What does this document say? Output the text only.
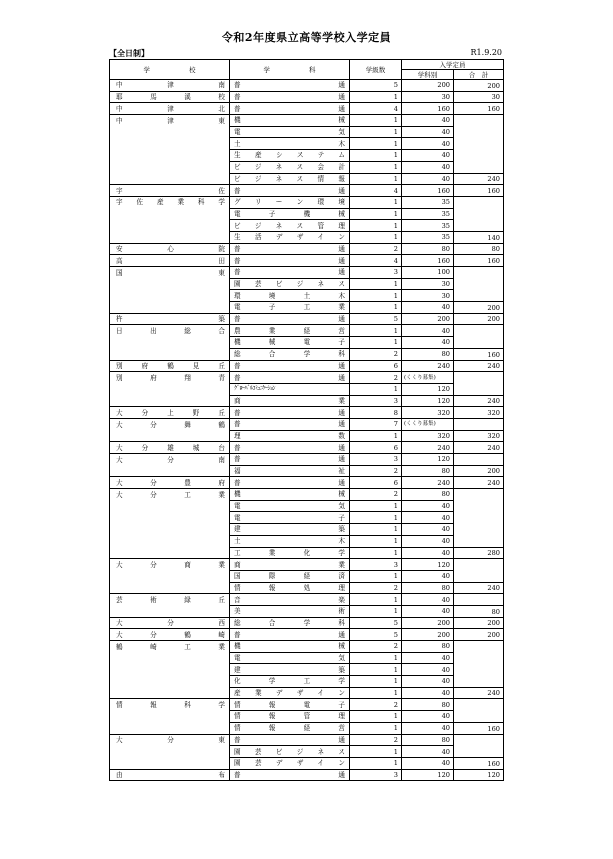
令和2年度県立高等学校入学定員
【全日制】	R1.9.20
学　　　　　　校	学　　　　　　科	学級数	入学定員	
			学科別	合　計
中津南	普通	5	200	200
耶馬溪校	普通	1	30	30
中津北	普通	4	160	160
中津東	機械	1	40	
	電気	1	40	
	土木	1	40	
	生産システム	1	40	
	ビジネス会計	1	40	
	ビジネス情報	1	40	240
宇佐	普通	4	160	160
宇佐産業科学	グリーン環境	1	35	
	電子機械	1	35	
	ビジネス管理	1	35	
	生活デザイン	1	35	140
安心院	普通	2	80	80
高田	普通	4	160	160
国東	普通	3	100	
	園芸ビジネス	1	30	
	環境土木	1	30	
	電子工業	1	40	200
杵築	普通	5	200	200
日出総合	農業経営	1	40	
	機械電子	1	40	
	総合学科	2	80	160
別府鶴見丘	普通	6	240	240
別府翔青	普通	2	(くくり募集)	
	ｸﾞﾛｰﾊﾞﾙｺﾐｭﾆｹｰｼｮﾝ	1	120	
	商業	3	120	240
大分上野丘	普通	8	320	320
大分舞鶴	普通	7	(くくり募集)	
	理数	1	320	320
大分雄城台	普通	6	240	240
大分南	普通	3	120	
	福祉	2	80	200
大分豊府	普通	6	240	240
大分工業	機械	2	80	
	電気	1	40	
	電子	1	40	
	建築	1	40	
	土木	1	40	
	工業化学	1	40	280
大分商業	商業	3	120	
	国際経済	1	40	
	情報処理	2	80	240
芸術緑丘	音楽	1	40	
	美術	1	40	80
大分西	総合学科	5	200	200
大分鶴崎	普通	5	200	200
鶴崎工業	機械	2	80	
	電気	1	40	
	建築	1	40	
	化学工学	1	40	
	産業デザイン	1	40	240
情報科学	情報電子	2	80	
	情報管理	1	40	
	情報経営	1	40	160
大分東	普通	2	80	
	園芸ビジネス	1	40	
	園芸デザイン	1	40	160
由布	普通	3	120	120
